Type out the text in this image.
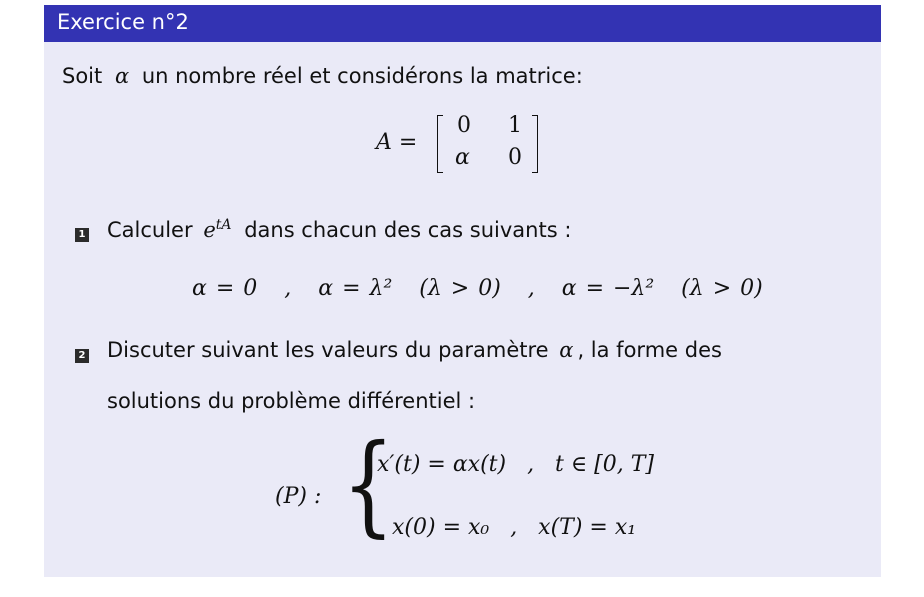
Exercice n°2
Soit α un nombre réel et considérons la matrice:
A =
0 1
α 0
1 Calculer $e^{tA}$ dans chacun des cas suivants :
α = 0   ,   α = λ²   (λ > 0)   ,   α = −λ²   (λ > 0)
2 Discuter suivant les valeurs du paramètre α , la forme des
solutions du problème différentiel :
(P) : {
x′(t) = αx(t)   ,   t ∈ [0, T]
x(0) = x₀   ,   x(T) = x₁
